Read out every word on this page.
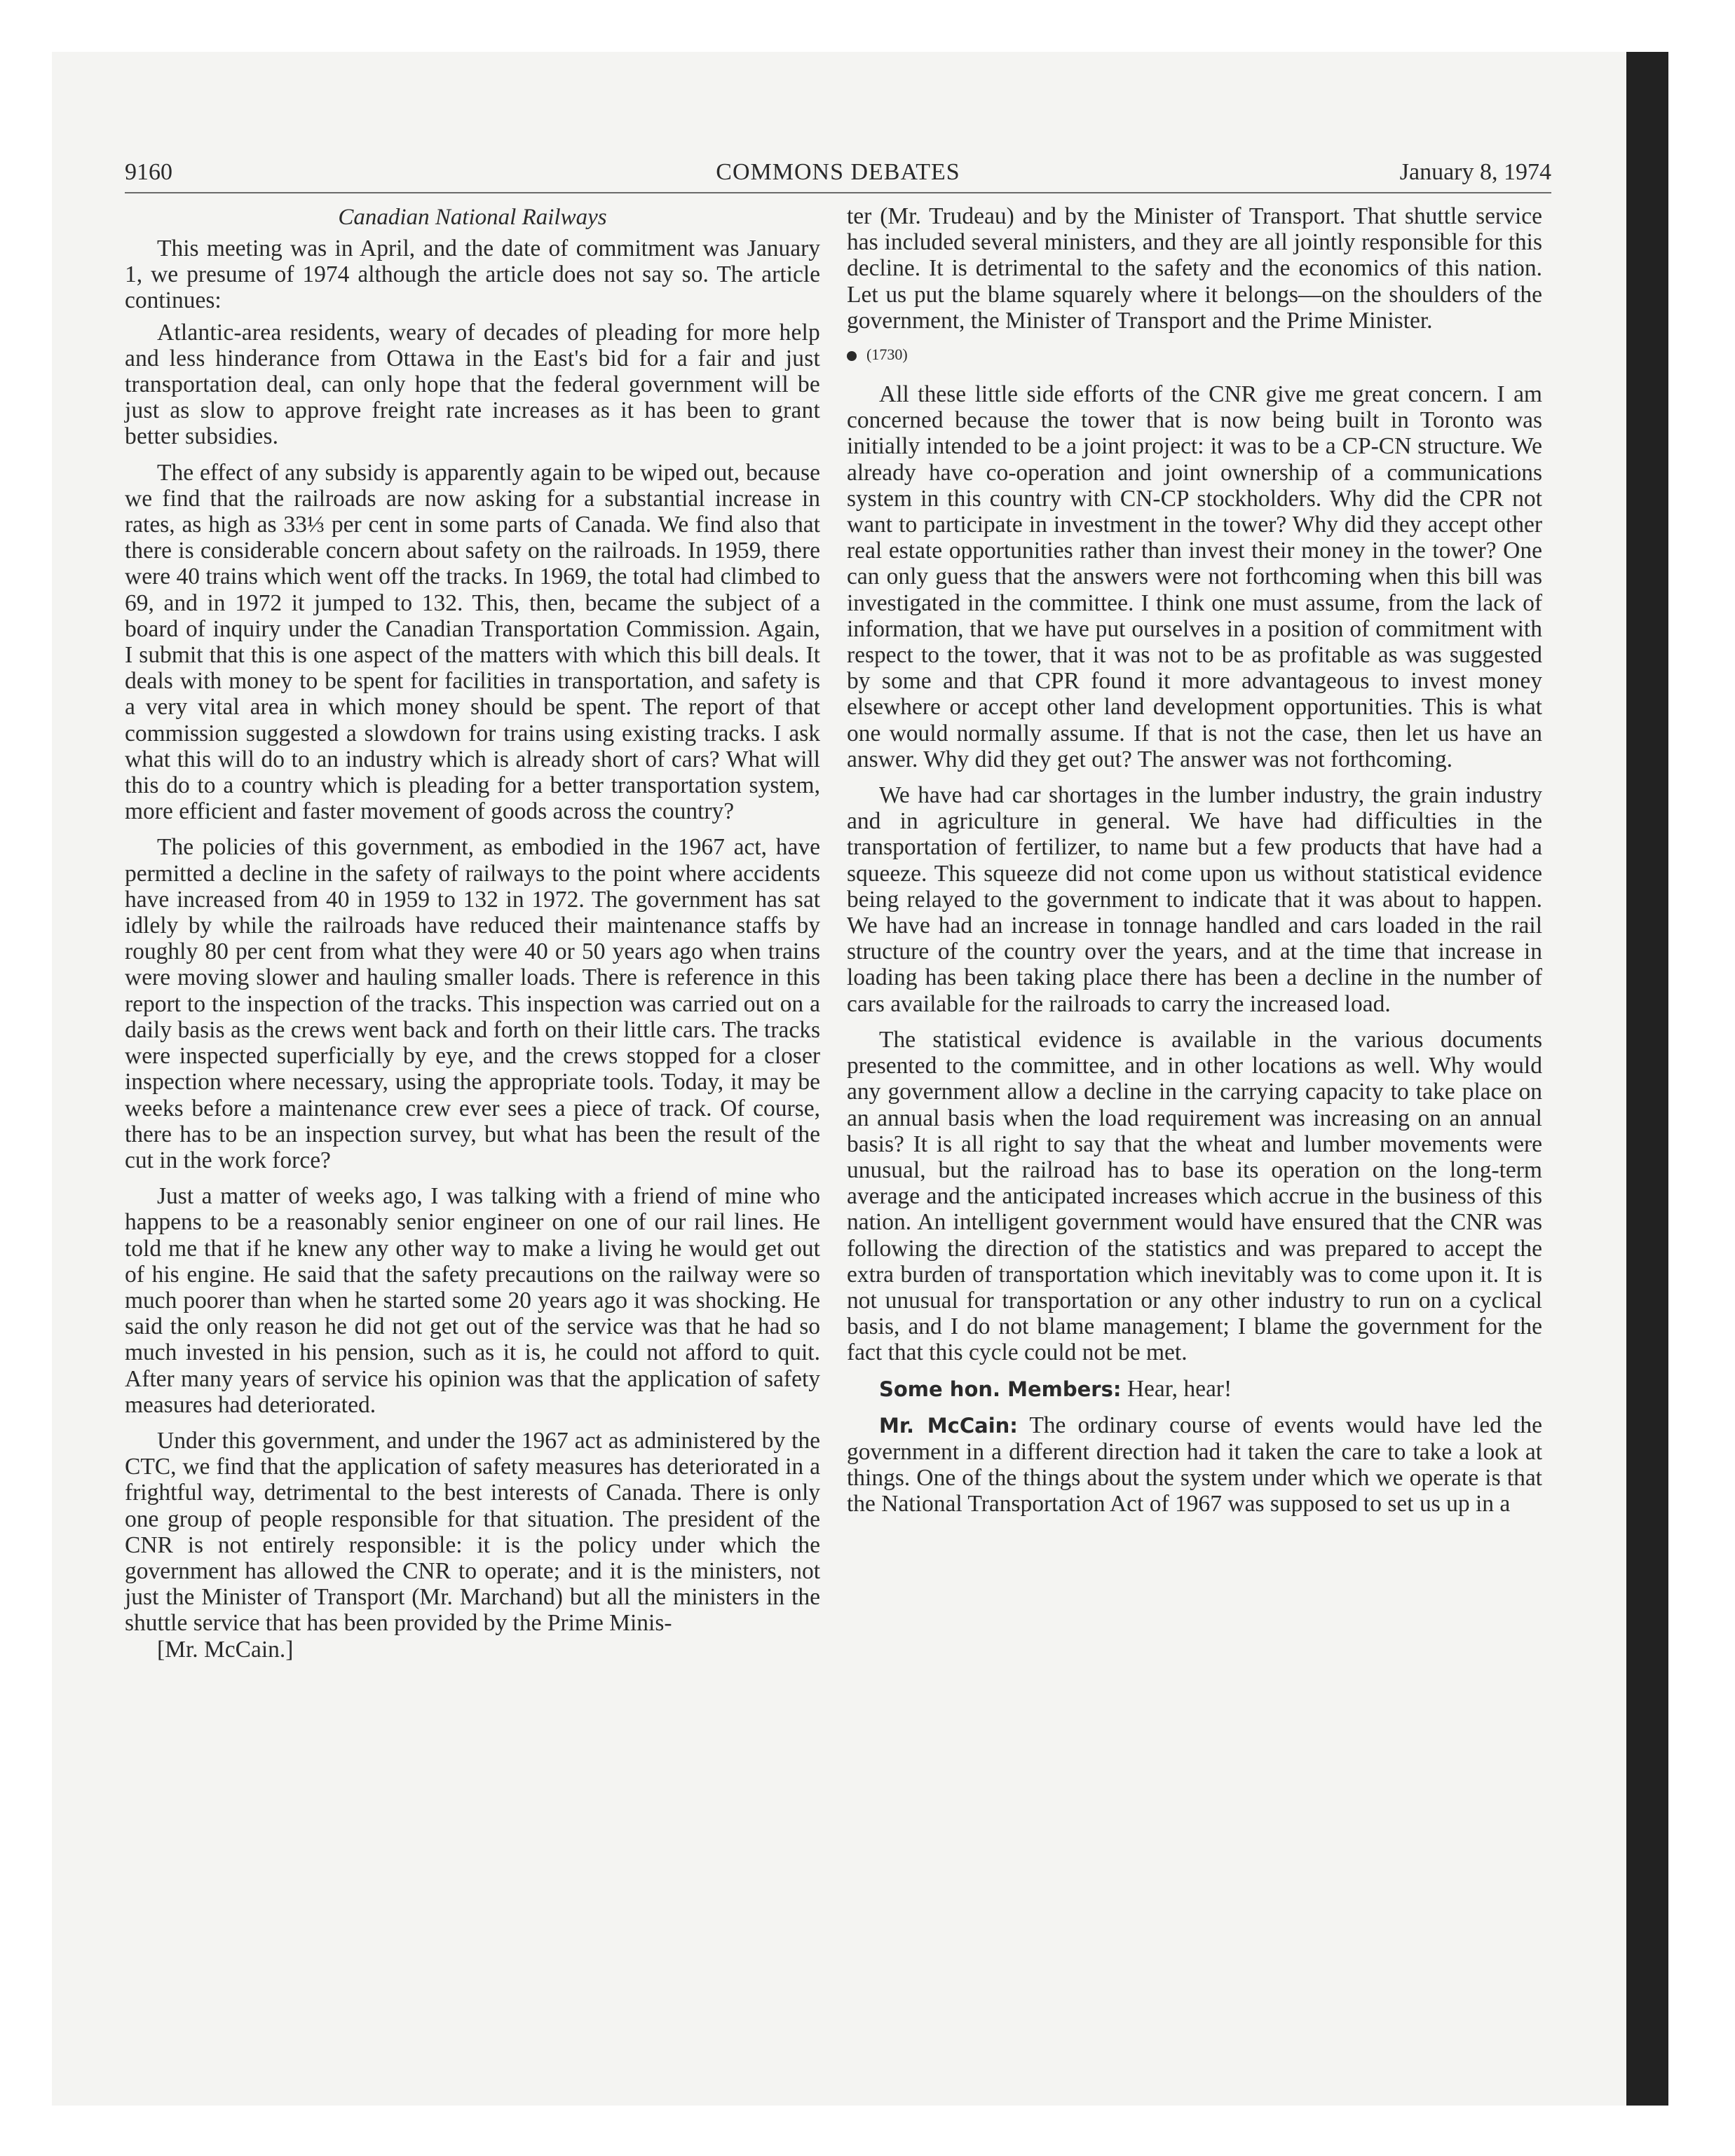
9160	COMMONS DEBATES	January 8, 1974
Canadian National Railways

This meeting was in April, and the date of commitment was January 1, we presume of 1974 although the article does not say so. The article continues:

Atlantic-area residents, weary of decades of pleading for more help and less hinderance from Ottawa in the East's bid for a fair and just transportation deal, can only hope that the federal government will be just as slow to approve freight rate increases as it has been to grant better subsidies.

The effect of any subsidy is apparently again to be wiped out, because we find that the railroads are now asking for a substantial increase in rates, as high as 33⅓ per cent in some parts of Canada. We find also that there is considerable concern about safety on the railroads. In 1959, there were 40 trains which went off the tracks. In 1969, the total had climbed to 69, and in 1972 it jumped to 132. This, then, became the subject of a board of inquiry under the Canadian Transportation Commission. Again, I submit that this is one aspect of the matters with which this bill deals. It deals with money to be spent for facilities in transportation, and safety is a very vital area in which money should be spent. The report of that commission suggested a slowdown for trains using existing tracks. I ask what this will do to an industry which is already short of cars? What will this do to a country which is pleading for a better transportation system, more efficient and faster movement of goods across the country?

The policies of this government, as embodied in the 1967 act, have permitted a decline in the safety of railways to the point where accidents have increased from 40 in 1959 to 132 in 1972. The government has sat idlely by while the railroads have reduced their maintenance staffs by roughly 80 per cent from what they were 40 or 50 years ago when trains were moving slower and hauling smaller loads. There is reference in this report to the inspection of the tracks. This inspection was carried out on a daily basis as the crews went back and forth on their little cars. The tracks were inspected superficially by eye, and the crews stopped for a closer inspection where necessary, using the appropriate tools. Today, it may be weeks before a maintenance crew ever sees a piece of track. Of course, there has to be an inspection survey, but what has been the result of the cut in the work force?

Just a matter of weeks ago, I was talking with a friend of mine who happens to be a reasonably senior engineer on one of our rail lines. He told me that if he knew any other way to make a living he would get out of his engine. He said that the safety precautions on the railway were so much poorer than when he started some 20 years ago it was shocking. He said the only reason he did not get out of the service was that he had so much invested in his pension, such as it is, he could not afford to quit. After many years of service his opinion was that the application of safety measures had deteriorated.

Under this government, and under the 1967 act as administered by the CTC, we find that the application of safety measures has deteriorated in a frightful way, detrimental to the best interests of Canada. There is only one group of people responsible for that situation. The president of the CNR is not entirely responsible: it is the policy under which the government has allowed the CNR to operate; and it is the ministers, not just the Minister of Transport (Mr. Marchand) but all the ministers in the shuttle service that has been provided by the Prime Minis-

[Mr. McCain.]

ter (Mr. Trudeau) and by the Minister of Transport. That shuttle service has included several ministers, and they are all jointly responsible for this decline. It is detrimental to the safety and the economics of this nation. Let us put the blame squarely where it belongs—on the shoulders of the government, the Minister of Transport and the Prime Minister.

(1730)

All these little side efforts of the CNR give me great concern. I am concerned because the tower that is now being built in Toronto was initially intended to be a joint project: it was to be a CP-CN structure. We already have co-operation and joint ownership of a communications system in this country with CN-CP stockholders. Why did the CPR not want to participate in investment in the tower? Why did they accept other real estate opportunities rather than invest their money in the tower? One can only guess that the answers were not forthcoming when this bill was investigated in the committee. I think one must assume, from the lack of information, that we have put ourselves in a position of commitment with respect to the tower, that it was not to be as profitable as was suggested by some and that CPR found it more advantageous to invest money elsewhere or accept other land development opportunities. This is what one would normally assume. If that is not the case, then let us have an answer. Why did they get out? The answer was not forthcoming.

We have had car shortages in the lumber industry, the grain industry and in agriculture in general. We have had difficulties in the transportation of fertilizer, to name but a few products that have had a squeeze. This squeeze did not come upon us without statistical evidence being relayed to the government to indicate that it was about to happen. We have had an increase in tonnage handled and cars loaded in the rail structure of the country over the years, and at the time that increase in loading has been taking place there has been a decline in the number of cars available for the railroads to carry the increased load.

The statistical evidence is available in the various documents presented to the committee, and in other locations as well. Why would any government allow a decline in the carrying capacity to take place on an annual basis when the load requirement was increasing on an annual basis? It is all right to say that the wheat and lumber movements were unusual, but the railroad has to base its operation on the long-term average and the anticipated increases which accrue in the business of this nation. An intelligent government would have ensured that the CNR was following the direction of the statistics and was prepared to accept the extra burden of transportation which inevitably was to come upon it. It is not unusual for transportation or any other industry to run on a cyclical basis, and I do not blame management; I blame the government for the fact that this cycle could not be met.

Some hon. Members: Hear, hear!

Mr. McCain: The ordinary course of events would have led the government in a different direction had it taken the care to take a look at things. One of the things about the system under which we operate is that the National Transportation Act of 1967 was supposed to set us up in a
